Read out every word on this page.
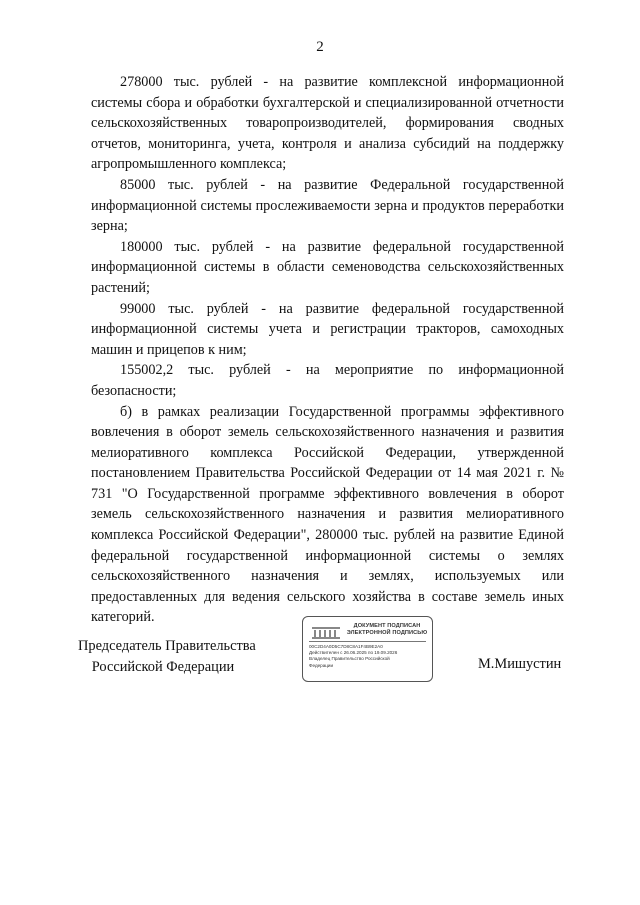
2

278000 тыс. рублей - на развитие комплексной информационной системы сбора и обработки бухгалтерской и специализированной отчетности сельскохозяйственных товаропроизводителей, формирования сводных отчетов, мониторинга, учета, контроля и анализа субсидий на поддержку агропромышленного комплекса;

85000 тыс. рублей - на развитие Федеральной государственной информационной системы прослеживаемости зерна и продуктов переработки зерна;

180000 тыс. рублей - на развитие федеральной государственной информационной системы в области семеноводства сельскохозяйственных растений;

99000 тыс. рублей - на развитие федеральной государственной информационной системы учета и регистрации тракторов, самоходных машин и прицепов к ним;

155002,2 тыс. рублей - на мероприятие по информационной безопасности;

б) в рамках реализации Государственной программы эффективного вовлечения в оборот земель сельскохозяйственного назначения и развития мелиоративного комплекса Российской Федерации, утвержденной постановлением Правительства Российской Федерации от 14 мая 2021 г. № 731 "О Государственной программе эффективного вовлечения в оборот земель сельскохозяйственного назначения и развития мелиоративного комплекса Российской Федерации", 280000 тыс. рублей на развитие Единой федеральной государственной информационной системы о землях сельскохозяйственного назначения и землях, используемых или предоставленных для ведения сельского хозяйства в составе земель иных категорий.

Председатель Правительства
Российской Федерации
ДОКУМЕНТ ПОДПИСАН
ЭЛЕКТРОННОЙ ПОДПИСЬЮ
00C2D4A0D5C7D8C8A1F4B9E2A0
Действителен с 26.06.2025 по 19.09.2026
Владелец Правительство Российской
Федерации	М.Мишустин
